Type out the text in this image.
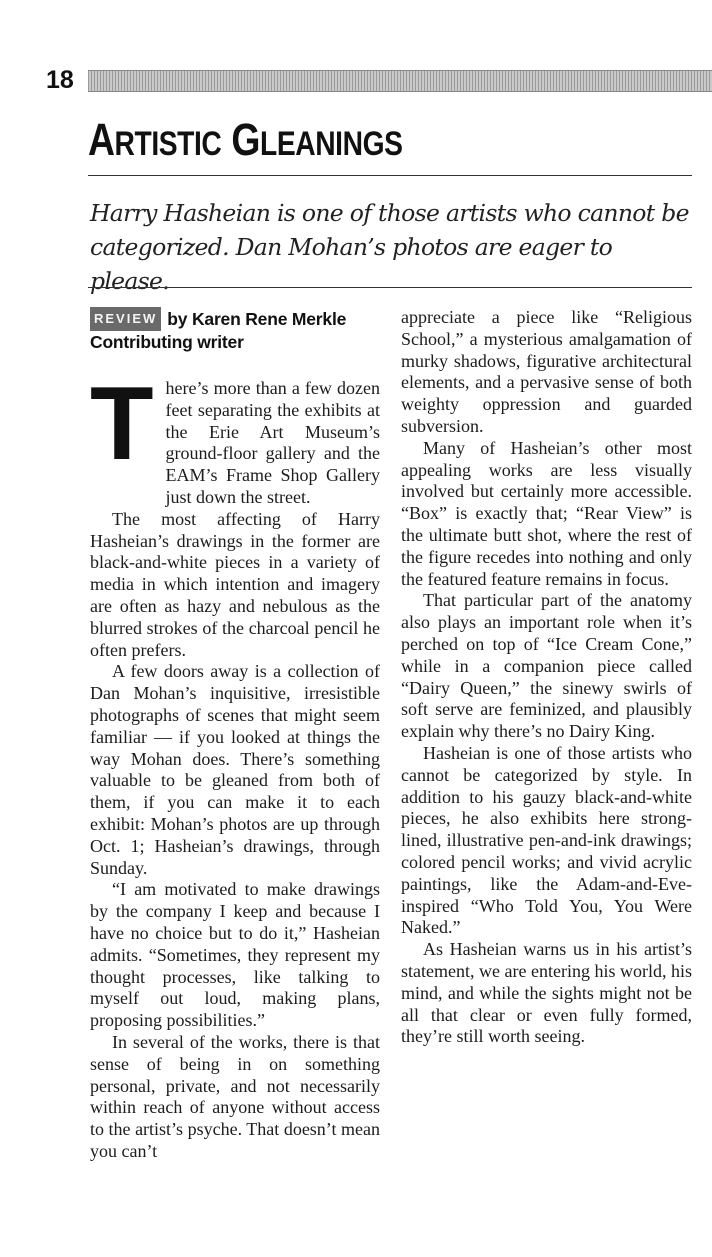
18
ARTISTIC GLEANINGS
Harry Hasheian is one of those artists who cannot be categorized. Dan Mohan’s photos are eager to please.
REVIEW by Karen Rene Merkle
Contributing writer
T here’s more than a few dozen feet separating the exhibits at the Erie Art Museum’s ground-floor gallery and the EAM’s Frame Shop Gallery just down the street.

The most affecting of Harry Hasheian’s drawings in the former are black-and-white pieces in a variety of media in which intention and imagery are often as hazy and nebulous as the blurred strokes of the charcoal pencil he often prefers.

A few doors away is a collection of Dan Mohan’s inquisitive, irresistible photographs of scenes that might seem familiar — if you looked at things the way Mohan does. There’s something valuable to be gleaned from both of them, if you can make it to each exhibit: Mohan’s photos are up through Oct. 1; Hasheian’s drawings, through Sunday.

“I am motivated to make drawings by the company I keep and because I have no choice but to do it,” Hasheian admits. “Sometimes, they represent my thought processes, like talking to myself out loud, making plans, proposing possibilities.”

In several of the works, there is that sense of being in on something personal, private, and not necessarily within reach of anyone without access to the artist’s psyche. That doesn’t mean you can’t

appreciate a piece like “Religious School,” a mysterious amalgamation of murky shadows, figurative architectural elements, and a pervasive sense of both weighty oppression and guarded subversion.

Many of Hasheian’s other most appealing works are less visually involved but certainly more accessible. “Box” is exactly that; “Rear View” is the ultimate butt shot, where the rest of the figure recedes into nothing and only the featured feature remains in focus.

That particular part of the anatomy also plays an important role when it’s perched on top of “Ice Cream Cone,” while in a companion piece called “Dairy Queen,” the sinewy swirls of soft serve are feminized, and plausibly explain why there’s no Dairy King.

Hasheian is one of those artists who cannot be categorized by style. In addition to his gauzy black-and-white pieces, he also exhibits here strong-lined, illustrative pen-and-ink drawings; colored pencil works; and vivid acrylic paintings, like the Adam-and-Eve-inspired “Who Told You, You Were Naked.”

As Hasheian warns us in his artist’s statement, we are entering his world, his mind, and while the sights might not be all that clear or even fully formed, they’re still worth seeing.
